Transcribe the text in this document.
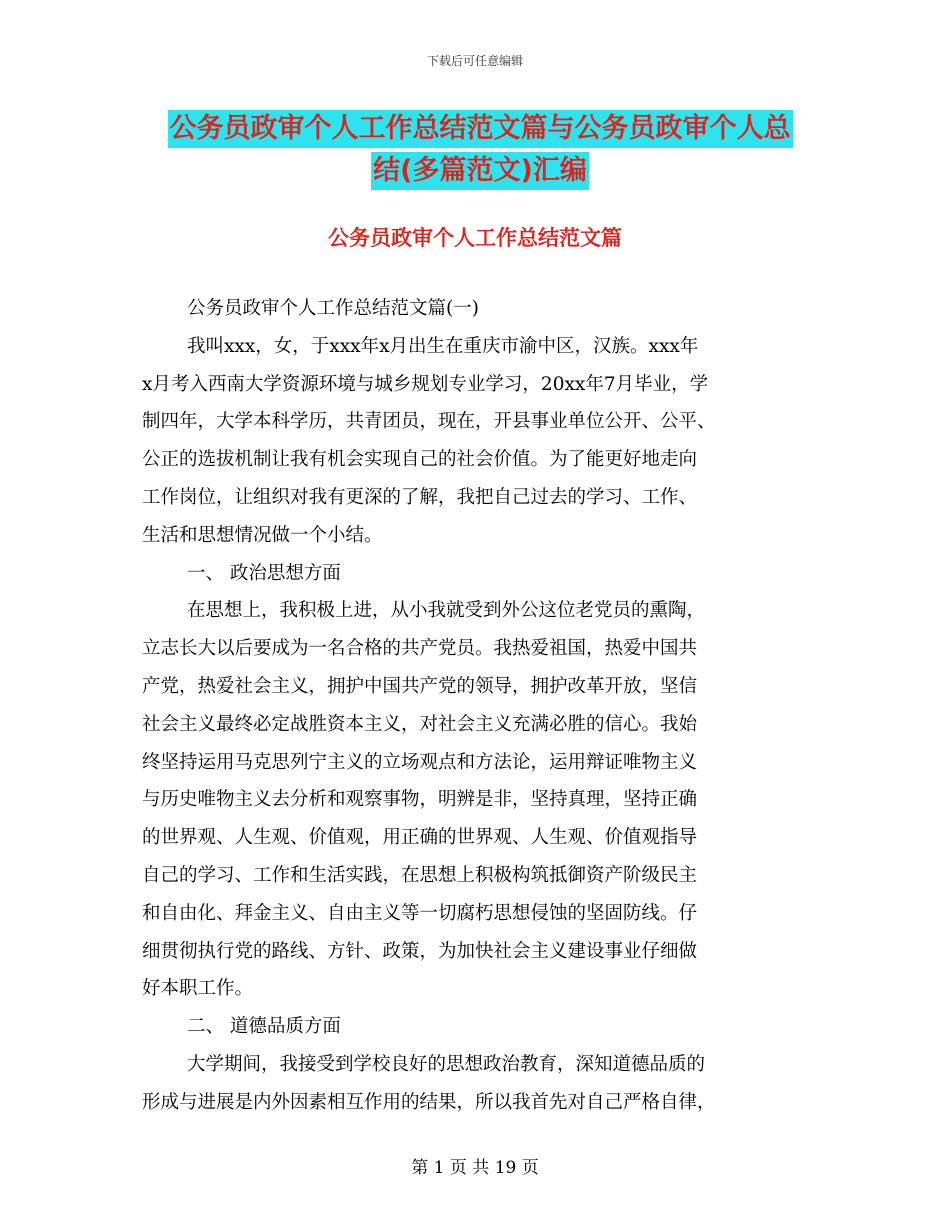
下载后可任意编辑
公务员政审个人工作总结范文篇与公务员政审个人总
结(多篇范文)汇编
公务员政审个人工作总结范文篇
公务员政审个人工作总结范文篇(一)
我叫xxx，女，于xxx年x月出生在重庆市渝中区，汉族。xxx年
x月考入西南大学资源环境与城乡规划专业学习，20xx年7月毕业，学
制四年，大学本科学历，共青团员，现在，开县事业单位公开、公平、
公正的选拔机制让我有机会实现自己的社会价值。为了能更好地走向
工作岗位，让组织对我有更深的了解，我把自己过去的学习、工作、
生活和思想情况做一个小结。
一、 政治思想方面
在思想上，我积极上进，从小我就受到外公这位老党员的熏陶，
立志长大以后要成为一名合格的共产党员。我热爱祖国，热爱中国共
产党，热爱社会主义，拥护中国共产党的领导，拥护改革开放，坚信
社会主义最终必定战胜资本主义，对社会主义充满必胜的信心。我始
终坚持运用马克思列宁主义的立场观点和方法论，运用辩证唯物主义
与历史唯物主义去分析和观察事物，明辨是非，坚持真理，坚持正确
的世界观、人生观、价值观，用正确的世界观、人生观、价值观指导
自己的学习、工作和生活实践，在思想上积极构筑抵御资产阶级民主
和自由化、拜金主义、自由主义等一切腐朽思想侵蚀的坚固防线。仔
细贯彻执行党的路线、方针、政策，为加快社会主义建设事业仔细做
好本职工作。
二、 道德品质方面
大学期间，我接受到学校良好的思想政治教育，深知道德品质的
形成与进展是内外因素相互作用的结果，所以我首先对自己严格自律，
第 1 页 共 19 页
